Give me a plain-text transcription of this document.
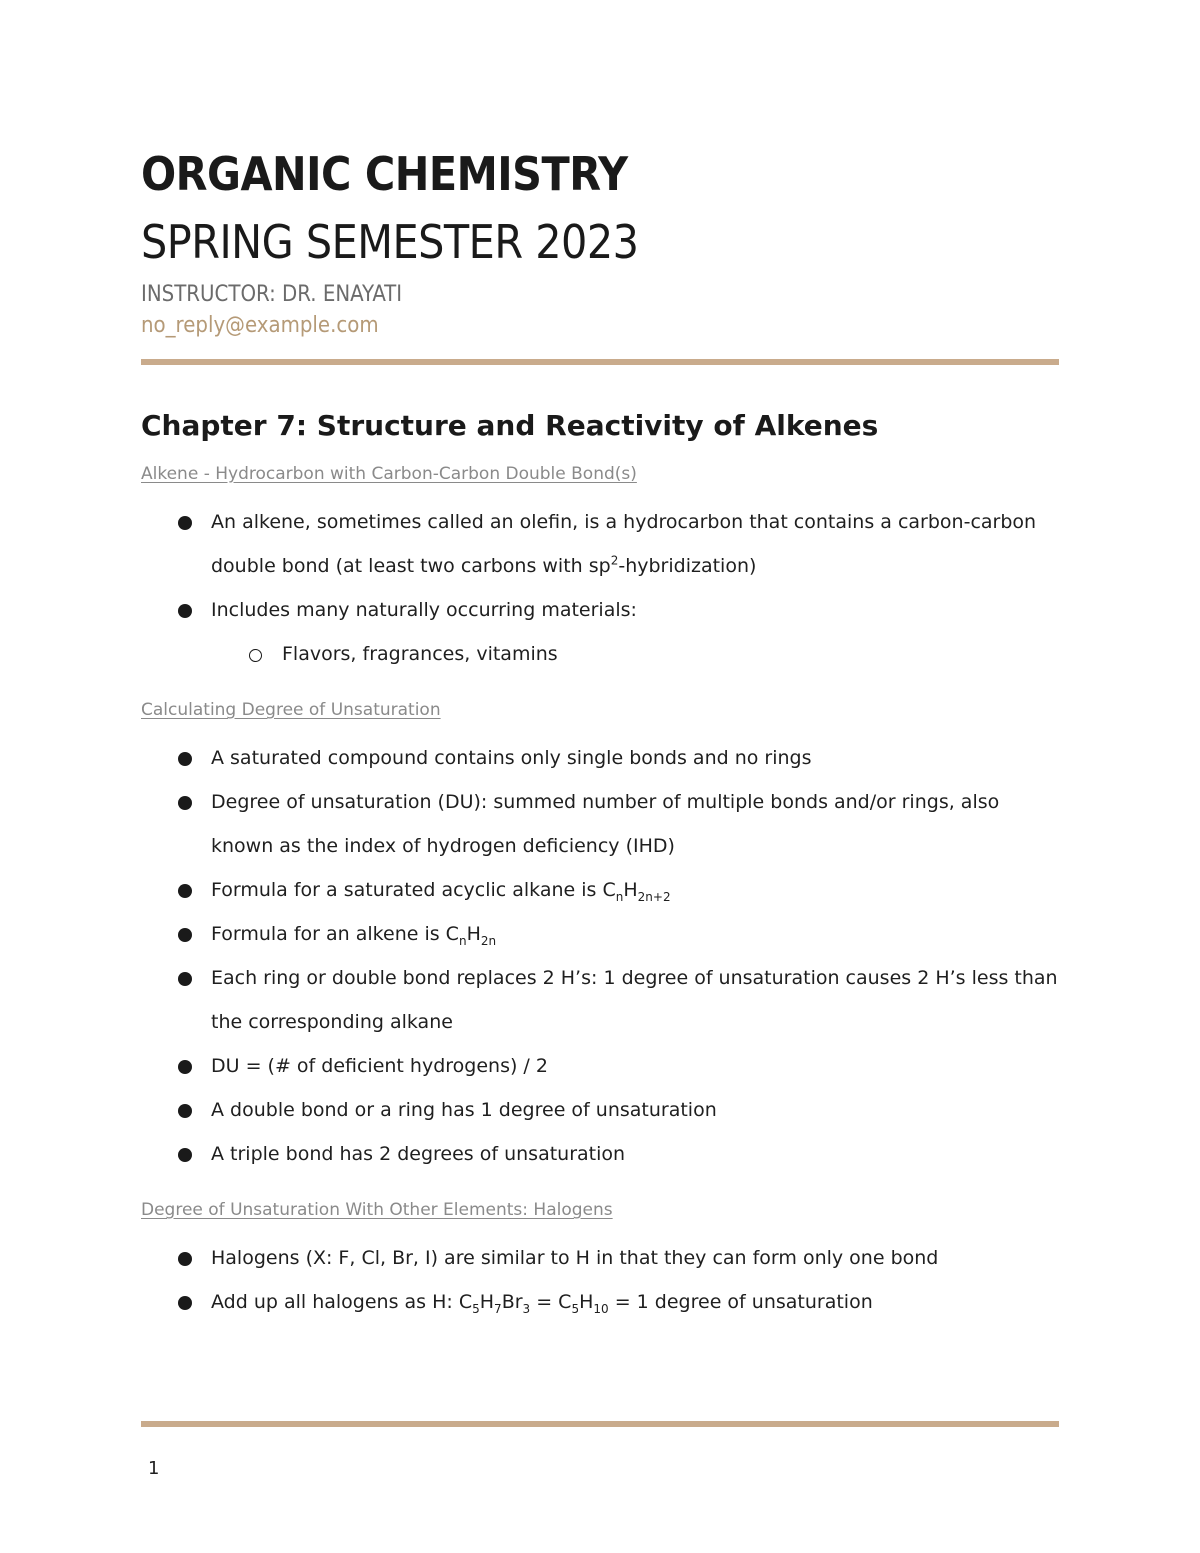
ORGANIC CHEMISTRY
SPRING SEMESTER 2023
INSTRUCTOR: DR. ENAYATI
no_reply@example.com
Chapter 7: Structure and Reactivity of Alkenes
Alkene - Hydrocarbon with Carbon-Carbon Double Bond(s)
An alkene, sometimes called an olefin, is a hydrocarbon that contains a carbon-carbon double bond (at least two carbons with $sp^2-hybridization$)
Includes many naturally occurring materials:
Flavors, fragrances, vitamins
Calculating Degree of Unsaturation
A saturated compound contains only single bonds and no rings
Degree of unsaturation (DU): summed number of multiple bonds and/or rings, also known as the index of hydrogen deficiency (IHD)
Formula for a saturated acyclic alkane is $C_nH_{2n+2}$
Formula for an alkene is $C_nH_{2n}$
Each ring or double bond replaces 2 H’s: 1 degree of unsaturation causes 2 H’s less than the corresponding alkane
DU = (# of deficient hydrogens) / 2
A double bond or a ring has 1 degree of unsaturation
A triple bond has 2 degrees of unsaturation
Degree of Unsaturation With Other Elements: Halogens
Halogens (X: F, Cl, Br, I) are similar to H in that they can form only one bond
Add up all halogens as H: $C_5H_7Br_3 = C_5H_{10} = 1$ degree of unsaturation
1
